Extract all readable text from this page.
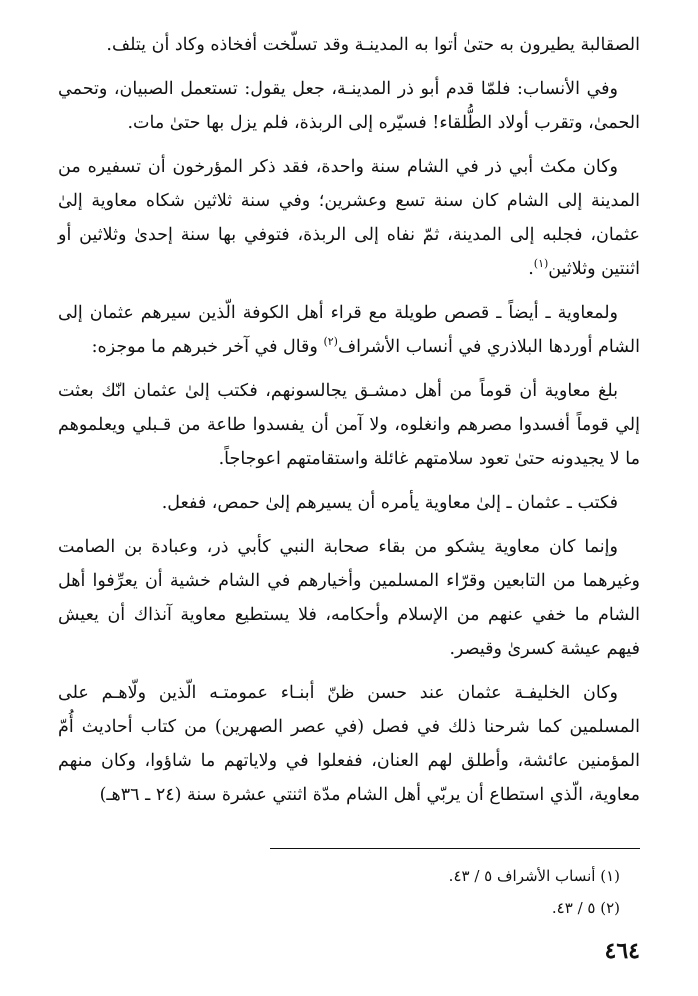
الصقالبة يطيرون به حتىٰ أتوا به المدينـة وقد تسلّخت أفخاذه وكاد أن يتلف.

وفي الأنساب: فلمّا قدم أبو ذر المدينـة، جعل يقول: تستعمل الصبيان، وتحمي الحمىٰ، وتقرب أولاد الطُّلقاء! فسيّره إلى الربذة، فلم يزل بها حتىٰ مات.

وكان مكث أبي ذر في الشام سنة واحدة، فقد ذكر المؤرخون أن تسفيره من المدينة إلى الشام كان سنة تسع وعشرين؛ وفي سنة ثلاثين شكاه معاوية إلىٰ عثمان، فجلبه إلى المدينة، ثمّ نفاه إلى الربذة، فتوفي بها سنة إحدىٰ وثلاثين أو اثنتين وثلاثين$^{(١)}$.

ولمعاوية ـ أيضاً ـ قصص طويلة مع قراء أهل الكوفة الّذين سيرهم عثمان إلى الشام أوردها البلاذري في أنساب الأشراف$^{(٢)}$ وقال في آخر خبرهم ما موجزه:

بلغ معاوية أن قوماً من أهل دمشـق يجالسونهم، فكتب إلىٰ عثمان انّك بعثت إلي قوماً أفسدوا مصرهم وانغلوه، ولا آمن أن يفسدوا طاعة من قـبلي ويعلموهم ما لا يجيدونه حتىٰ تعود سلامتهم غائلة واستقامتهم اعوجاجاً.

فكتب ـ عثمان ـ إلىٰ معاوية يأمره أن يسيرهم إلىٰ حمص، ففعل.

وإنما كان معاوية يشكو من بقاء صحابة النبي كأبي ذر، وعبادة بن الصامت وغيرهما من التابعين وقرّاء المسلمين وأخيارهم في الشام خشية أن يعرِّفوا أهل الشام ما خفي عنهم من الإسلام وأحكامه، فلا يستطيع معاوية آنذاك أن يعيش فيهم عيشة كسرىٰ وقيصر.

وكان الخليفـة عثمان عند حسن ظنّ أبنـاء عمومتـه الّذين ولّاهـم على المسلمين كما شرحنا ذلك في فصل (في عصر الصهرين) من كتاب أحاديث أُمّ المؤمنين عائشة، وأطلق لهم العنان، ففعلوا في ولاياتهم ما شاؤوا، وكان منهم معاوية، الّذي استطاع أن يربّي أهل الشام مدّة اثنتي عشرة سنة (٢٤ ـ ٣٦هـ)

(١) أنساب الأشراف ٥ / ٤٣.

(٢) ٥ / ٤٣.

٤٦٤
